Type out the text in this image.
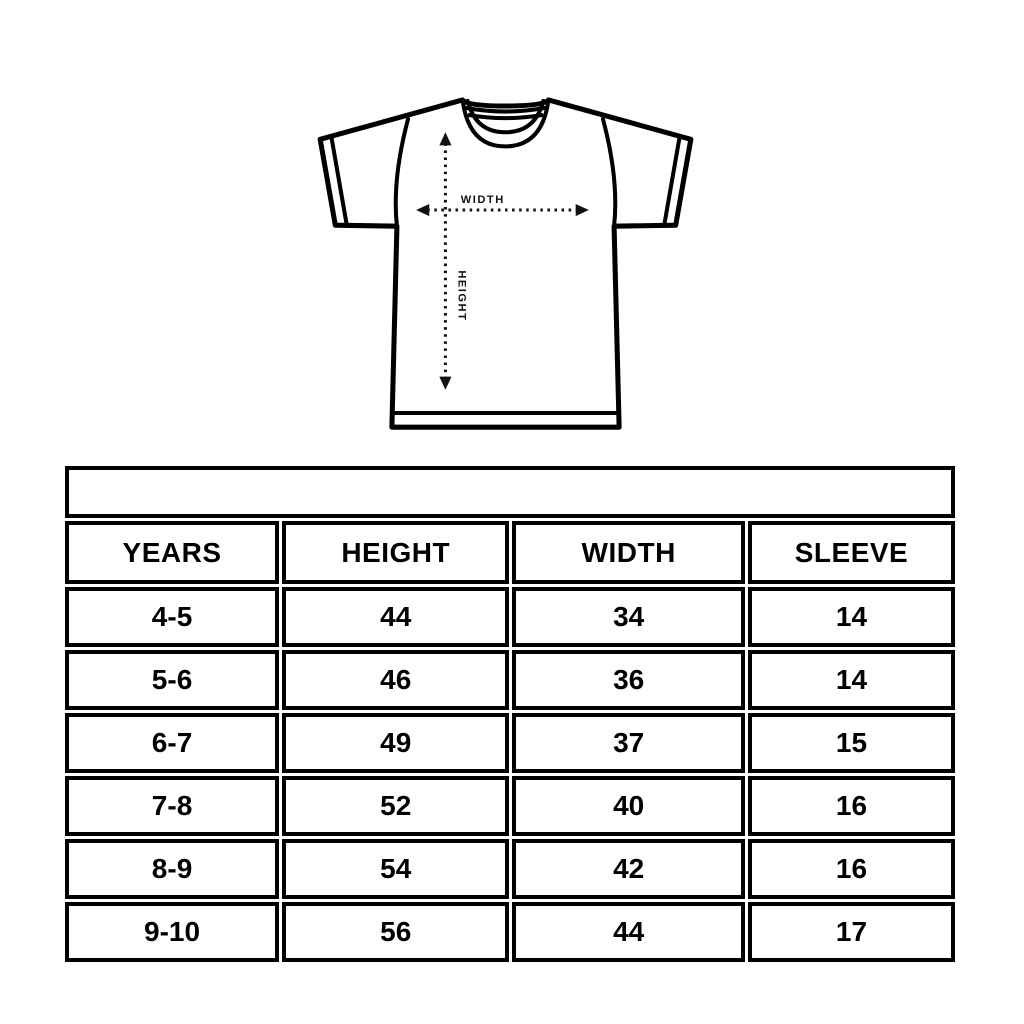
WIDTH
HEIGHT
SIZE CHART			
YEARS	HEIGHT	WIDTH	SLEEVE
4-5	44	34	14
5-6	46	36	14
6-7	49	37	15
7-8	52	40	16
8-9	54	42	16
9-10	56	44	17
